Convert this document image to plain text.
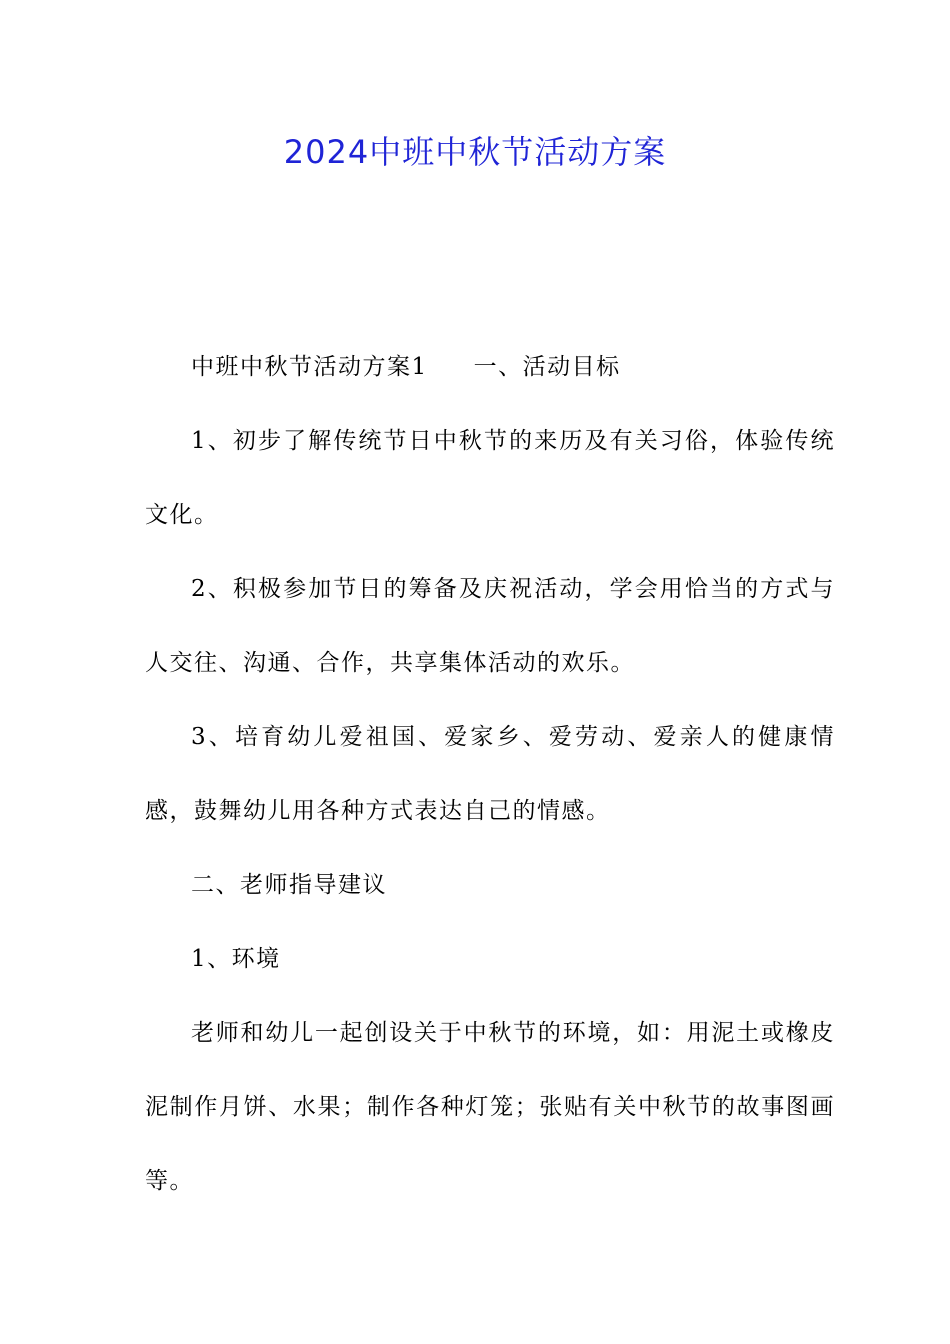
2024中班中秋节活动方案

中班中秋节活动方案1 一、活动目标

1、初步了解传统节日中秋节的来历及有关习俗，体验传统文化。

2、积极参加节日的筹备及庆祝活动，学会用恰当的方式与人交往、沟通、合作，共享集体活动的欢乐。

3、培育幼儿爱祖国、爱家乡、爱劳动、爱亲人的健康情感，鼓舞幼儿用各种方式表达自己的情感。

二、老师指导建议

1、环境

老师和幼儿一起创设关于中秋节的环境，如：用泥土或橡皮泥制作月饼、水果；制作各种灯笼；张贴有关中秋节的故事图画等。
